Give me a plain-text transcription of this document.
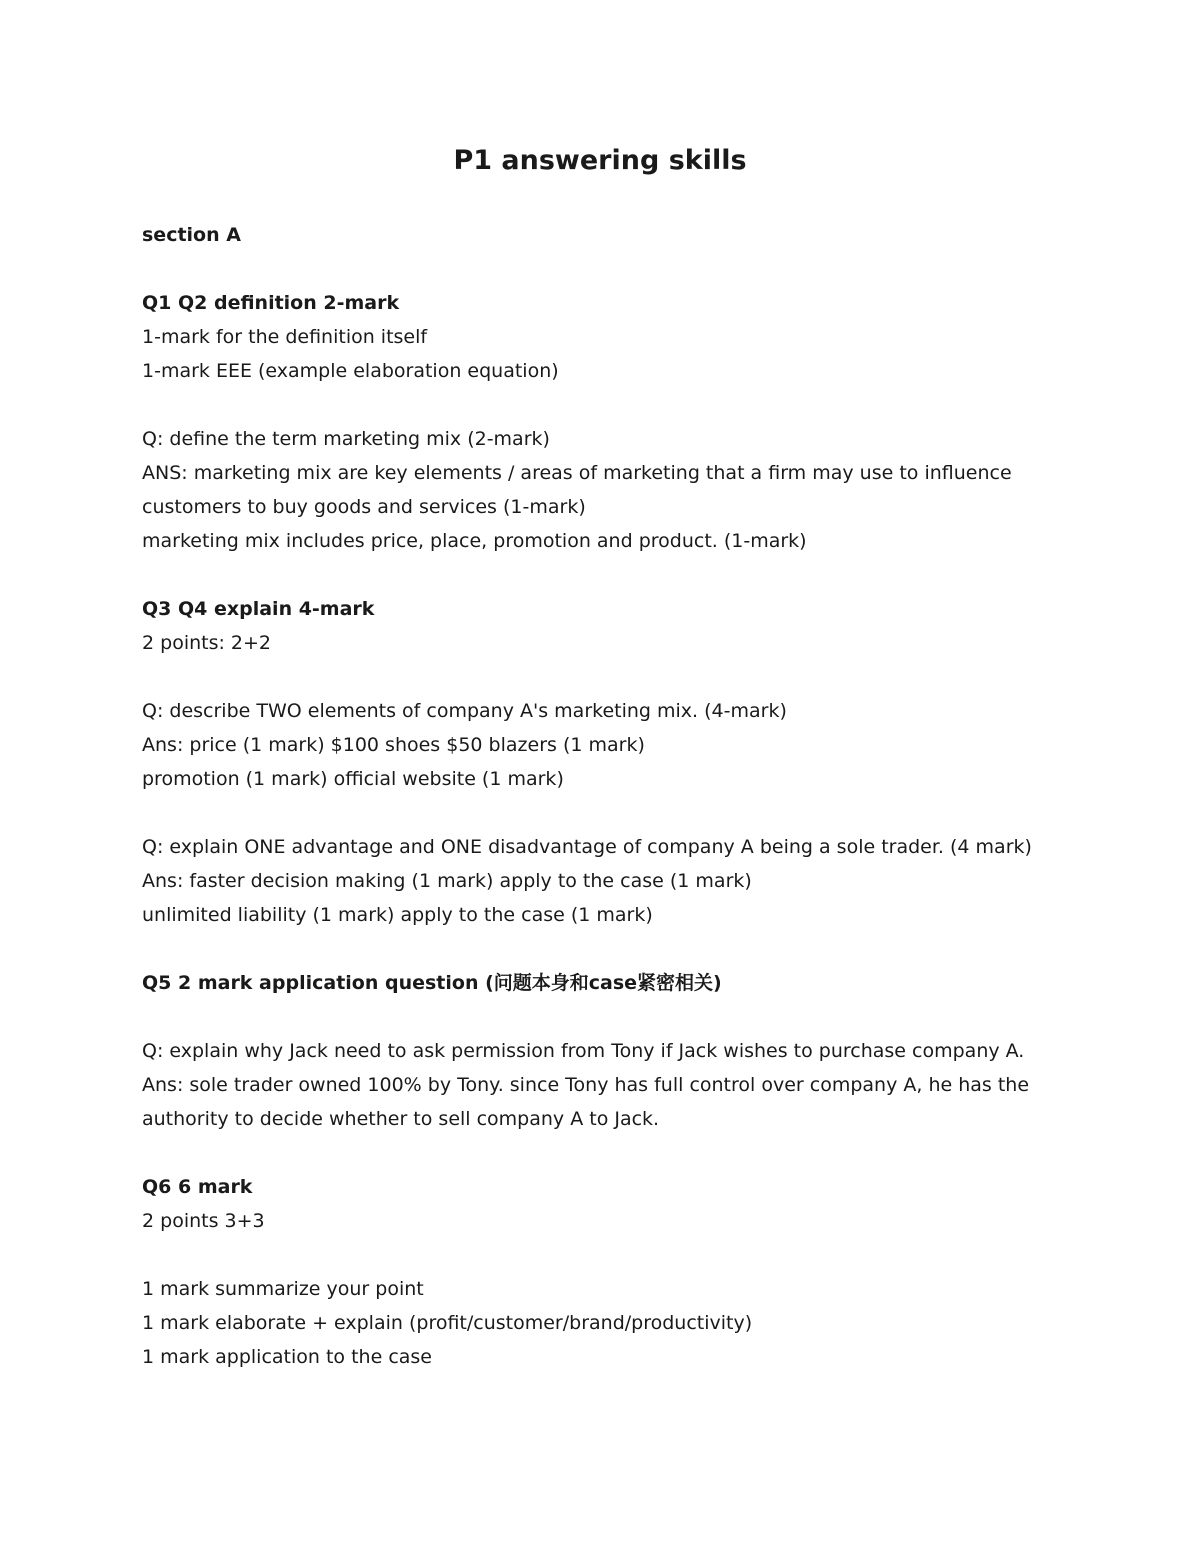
P1 answering skills

section A

Q1 Q2 definition 2-mark

1-mark for the definition itself

1-mark EEE (example elaboration equation)

Q: define the term marketing mix (2-mark)

ANS: marketing mix are key elements / areas of marketing that a firm may use to influence

customers to buy goods and services (1-mark)

marketing mix includes price, place, promotion and product. (1-mark)

Q3 Q4 explain 4-mark

2 points: 2+2

Q: describe TWO elements of company A's marketing mix. (4-mark)

Ans: price (1 mark) $100 shoes $50 blazers (1 mark)

promotion (1 mark) official website (1 mark)

Q: explain ONE advantage and ONE disadvantage of company A being a sole trader. (4 mark)

Ans: faster decision making (1 mark) apply to the case (1 mark)

unlimited liability (1 mark) apply to the case (1 mark)

Q5 2 mark application question (问题本身和case紧密相关)

Q: explain why Jack need to ask permission from Tony if Jack wishes to purchase company A.

Ans: sole trader owned 100% by Tony. since Tony has full control over company A, he has the

authority to decide whether to sell company A to Jack.

Q6 6 mark

2 points 3+3

1 mark summarize your point

1 mark elaborate + explain (profit/customer/brand/productivity)

1 mark application to the case
